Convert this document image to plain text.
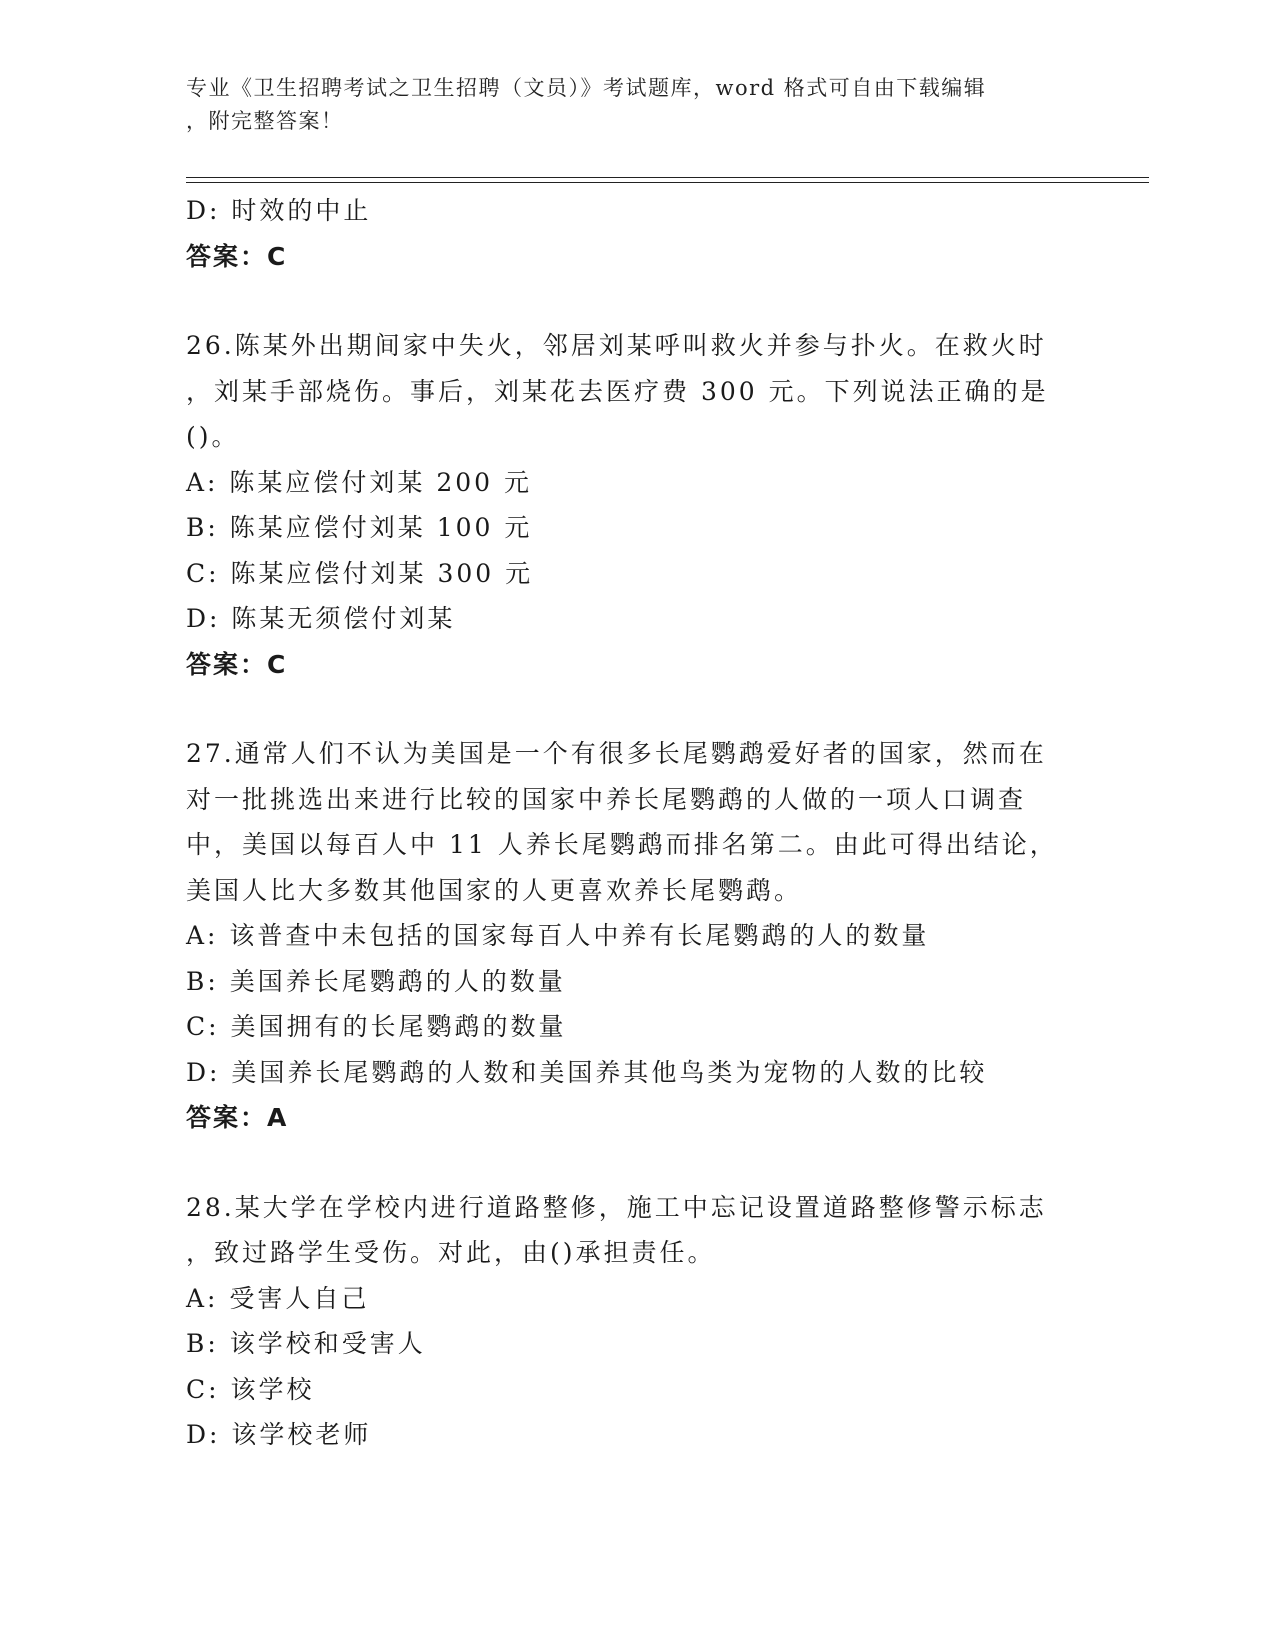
专业《卫生招聘考试之卫生招聘（文员）》考试题库，word 格式可自由下载编辑
，附完整答案！
D: 时效的中止
答案：C
26.陈某外出期间家中失火，邻居刘某呼叫救火并参与扑火。在救火时
，刘某手部烧伤。事后，刘某花去医疗费 300 元。下列说法正确的是
()。
A: 陈某应偿付刘某 200 元
B: 陈某应偿付刘某 100 元
C: 陈某应偿付刘某 300 元
D: 陈某无须偿付刘某
答案：C
27.通常人们不认为美国是一个有很多长尾鹦鹉爱好者的国家，然而在
对一批挑选出来进行比较的国家中养长尾鹦鹉的人做的一项人口调查
中，美国以每百人中 11 人养长尾鹦鹉而排名第二。由此可得出结论，
美国人比大多数其他国家的人更喜欢养长尾鹦鹉。
A: 该普查中未包括的国家每百人中养有长尾鹦鹉的人的数量
B: 美国养长尾鹦鹉的人的数量
C: 美国拥有的长尾鹦鹉的数量
D: 美国养长尾鹦鹉的人数和美国养其他鸟类为宠物的人数的比较
答案：A
28.某大学在学校内进行道路整修，施工中忘记设置道路整修警示标志
，致过路学生受伤。对此，由()承担责任。
A: 受害人自己
B: 该学校和受害人
C: 该学校
D: 该学校老师
